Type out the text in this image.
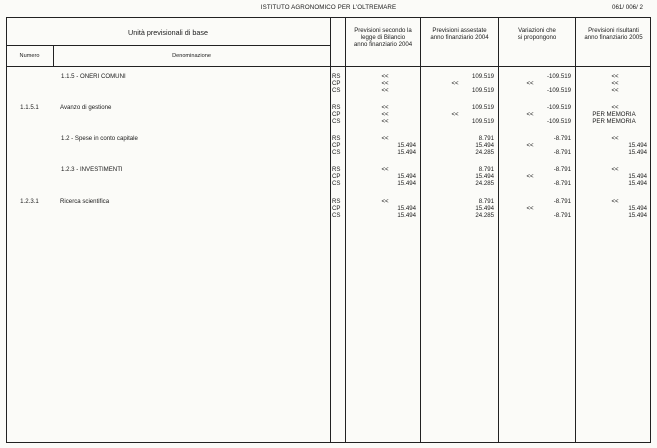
ISTITUTO AGRONOMICO PER L'OLTREMARE	061/ 006/ 2
Unità previsionali di base
Numero	Denominazione
Previsioni secondo la
legge di Bilancio
anno finanziario 2004
Previsioni assestate
anno finanziario 2004
Variazioni che
si propongono
Previsioni risultanti
anno finanziario 2005
1.1.5 - ONERI COMUNI	RS	<<	109.519	-109.519	<<
CP	<<	<<	<<	<<
CS	<<	109.519	-109.519	<<
1.1.5.1	Avanzo di gestione	RS	<<	109.519	-109.519	<<
CP	<<	<<	<<	PER MEMORIA
CS	<<	109.519	-109.519	PER MEMORIA
1.2 - Spese in conto capitale	RS	<<	8.791	-8.791	<<
CP	15.494	15.494	<<	15.494
CS	15.494	24.285	-8.791	15.494
1.2.3 - INVESTIMENTI	RS	<<	8.791	-8.791	<<
CP	15.494	15.494	<<	15.494
CS	15.494	24.285	-8.791	15.494
1.2.3.1	Ricerca scientifica	RS	<<	8.791	-8.791	<<
CP	15.494	15.494	<<	15.494
CS	15.494	24.285	-8.791	15.494
